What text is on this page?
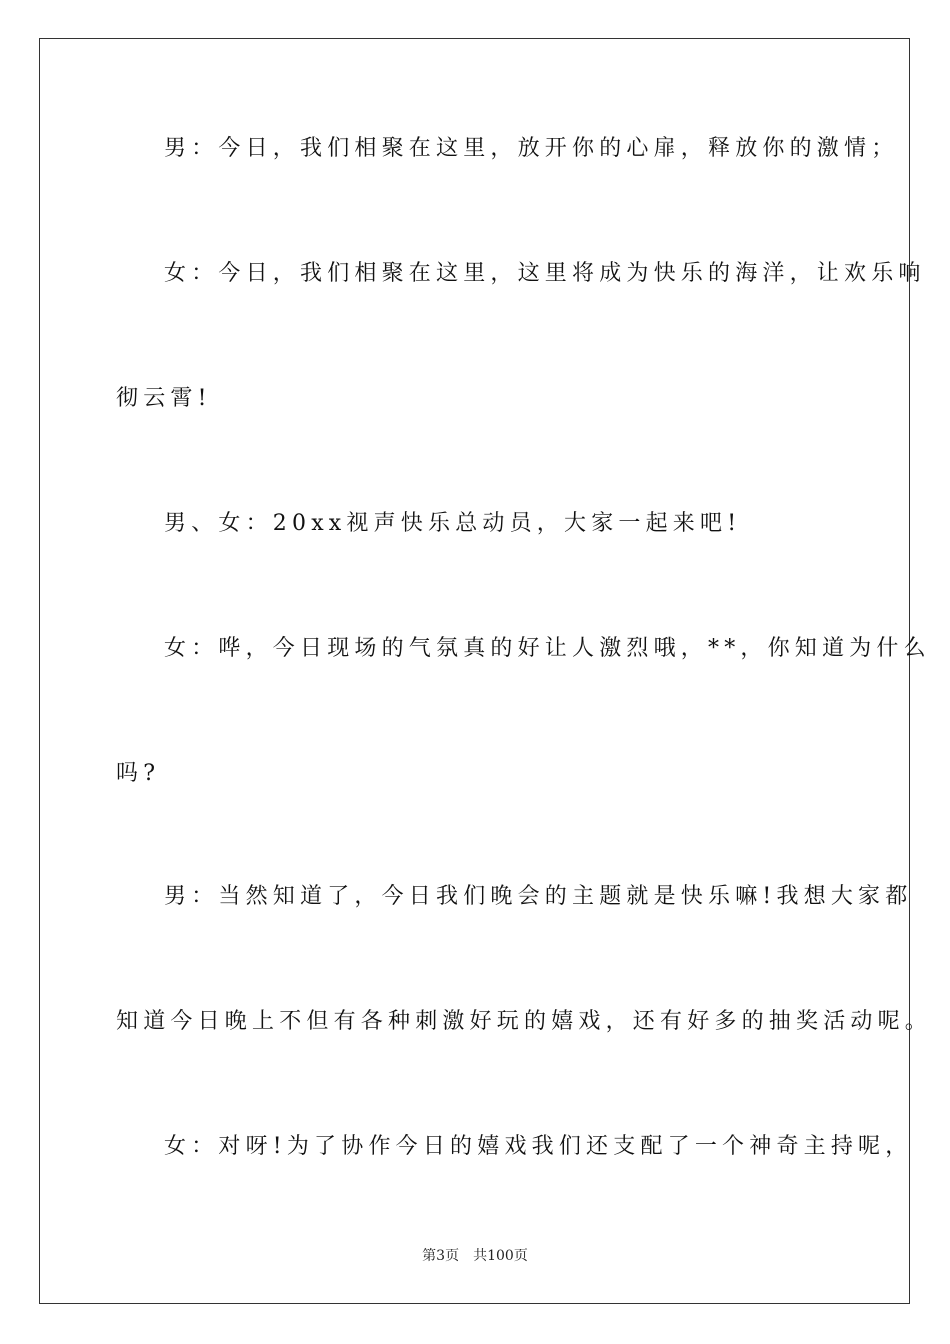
男：今日，我们相聚在这里，放开你的心扉，释放你的激情；
女：今日，我们相聚在这里，这里将成为快乐的海洋，让欢乐响
彻云霄!
男、女：20xx视声快乐总动员，大家一起来吧!
女：哗，今日现场的气氛真的好让人激烈哦，**，你知道为什么
吗?
男：当然知道了，今日我们晚会的主题就是快乐嘛!我想大家都
知道今日晚上不但有各种刺激好玩的嬉戏，还有好多的抽奖活动呢。
女：对呀!为了协作今日的嬉戏我们还支配了一个神奇主持呢，
第3页 共100页
